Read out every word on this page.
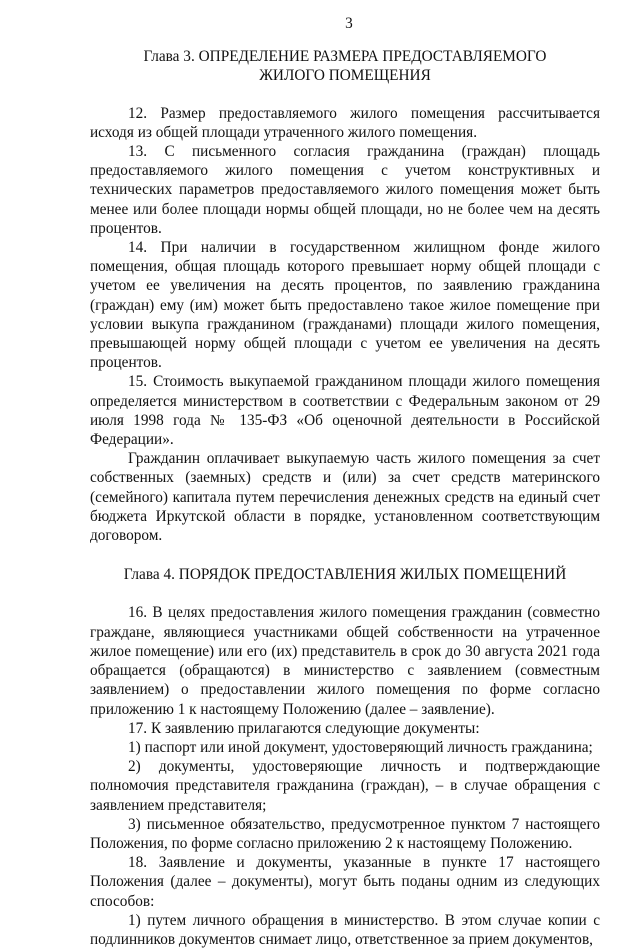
3
Глава 3. ОПРЕДЕЛЕНИЕ РАЗМЕРА ПРЕДОСТАВЛЯЕМОГО
ЖИЛОГО ПОМЕЩЕНИЯ

12. Размер предоставляемого жилого помещения рассчитывается исходя из общей площади утраченного жилого помещения.

13. С письменного согласия гражданина (граждан) площадь предоставляемого жилого помещения с учетом конструктивных и технических параметров предоставляемого жилого помещения может быть менее или более площади нормы общей площади, но не более чем на десять процентов.

14. При наличии в государственном жилищном фонде жилого помещения, общая площадь которого превышает норму общей площади с учетом ее увеличения на десять процентов, по заявлению гражданина (граждан) ему (им) может быть предоставлено такое жилое помещение при условии выкупа гражданином (гражданами) площади жилого помещения, превышающей норму общей площади с учетом ее увеличения на десять процентов.

15. Стоимость выкупаемой гражданином площади жилого помещения определяется министерством в соответствии с Федеральным законом от 29 июля 1998 года № 135-ФЗ «Об оценочной деятельности в Российской Федерации».

Гражданин оплачивает выкупаемую часть жилого помещения за счет собственных (заемных) средств и (или) за счет средств материнского (семейного) капитала путем перечисления денежных средств на единый счет бюджета Иркутской области в порядке, установленном соответствующим договором.

Глава 4. ПОРЯДОК ПРЕДОСТАВЛЕНИЯ ЖИЛЫХ ПОМЕЩЕНИЙ

16. В целях предоставления жилого помещения гражданин (совместно граждане, являющиеся участниками общей собственности на утраченное жилое помещение) или его (их) представитель в срок до 30 августа 2021 года обращается (обращаются) в министерство с заявлением (совместным заявлением) о предоставлении жилого помещения по форме согласно приложению 1 к настоящему Положению (далее – заявление).

17. К заявлению прилагаются следующие документы:

1) паспорт или иной документ, удостоверяющий личность гражданина;

2) документы, удостоверяющие личность и подтверждающие полномочия представителя гражданина (граждан), – в случае обращения с заявлением представителя;

3) письменное обязательство, предусмотренное пунктом 7 настоящего Положения, по форме согласно приложению 2 к настоящему Положению.

18. Заявление и документы, указанные в пункте 17 настоящего Положения (далее – документы), могут быть поданы одним из следующих способов:

1) путем личного обращения в министерство. В этом случае копии с подлинников документов снимает лицо, ответственное за прием документов,
